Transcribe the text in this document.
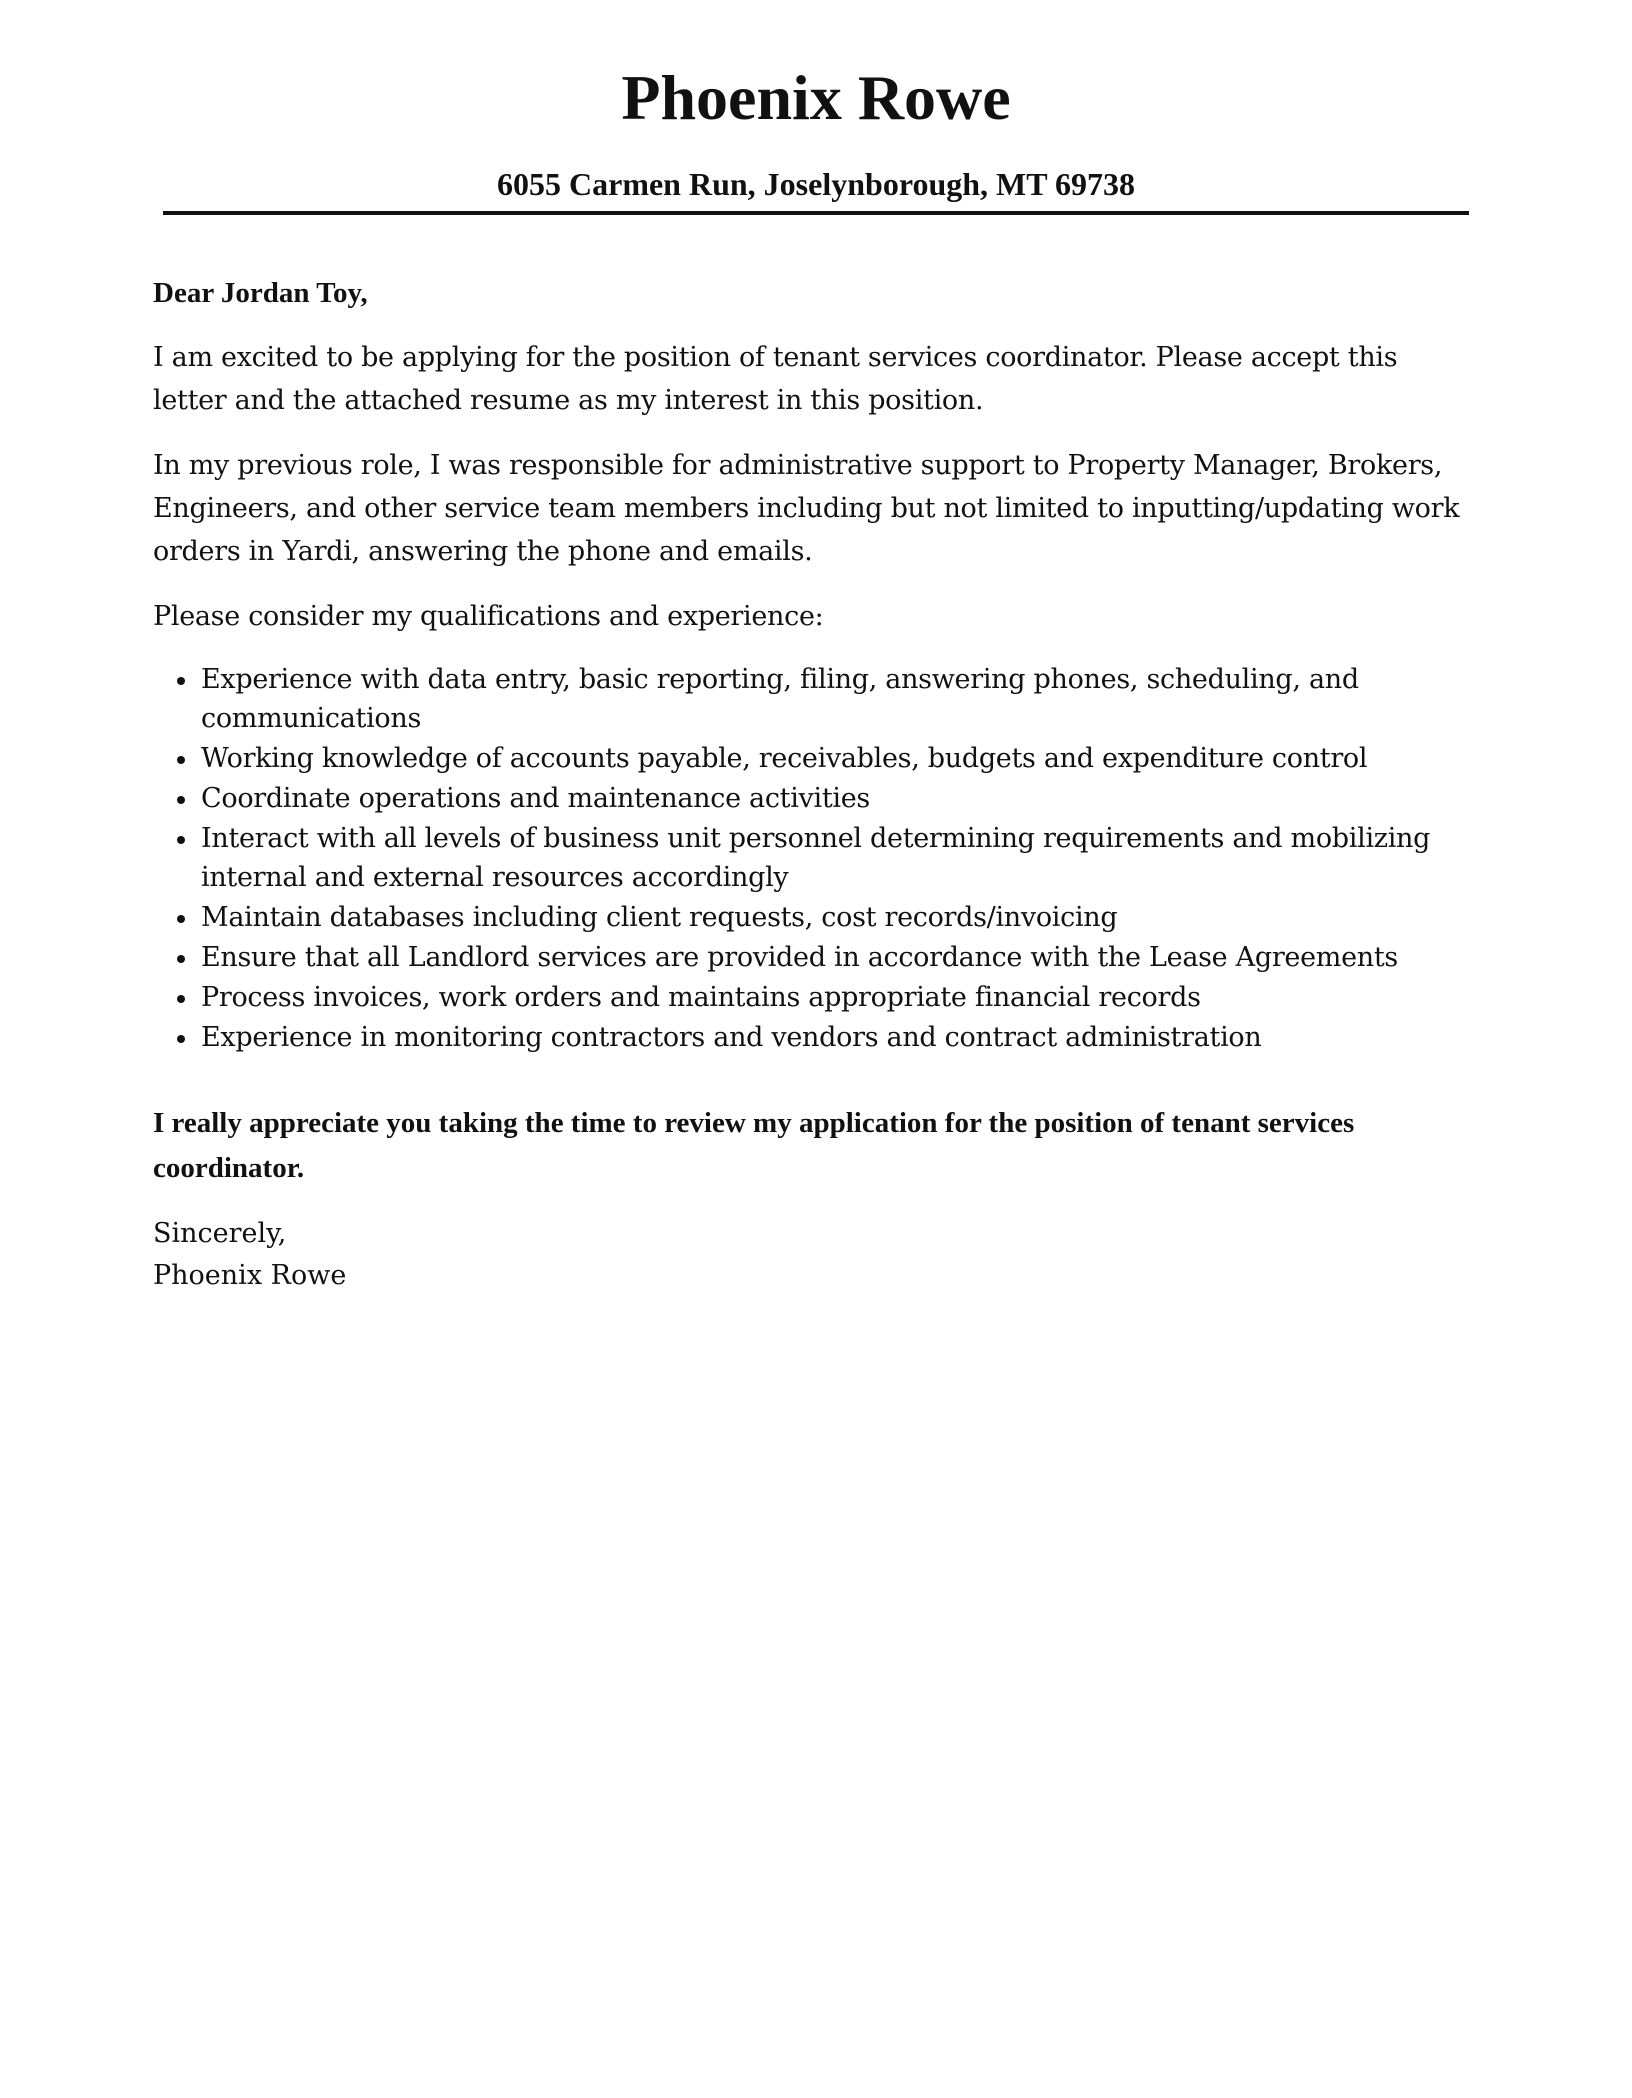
Phoenix Rowe
6055 Carmen Run, Joselynborough, MT 69738

Dear Jordan Toy,

I am excited to be applying for the position of tenant services coordinator. Please accept this letter and the attached resume as my interest in this position.

In my previous role, I was responsible for administrative support to Property Manager, Brokers, Engineers, and other service team members including but not limited to inputting/updating work orders in Yardi, answering the phone and emails.

Please consider my qualifications and experience:

Experience with data entry, basic reporting, filing, answering phones, scheduling, and communications
Working knowledge of accounts payable, receivables, budgets and expenditure control
Coordinate operations and maintenance activities
Interact with all levels of business unit personnel determining requirements and mobilizing internal and external resources accordingly
Maintain databases including client requests, cost records/invoicing
Ensure that all Landlord services are provided in accordance with the Lease Agreements
Process invoices, work orders and maintains appropriate financial records
Experience in monitoring contractors and vendors and contract administration

I really appreciate you taking the time to review my application for the position of tenant services coordinator.

Sincerely,

Phoenix Rowe
